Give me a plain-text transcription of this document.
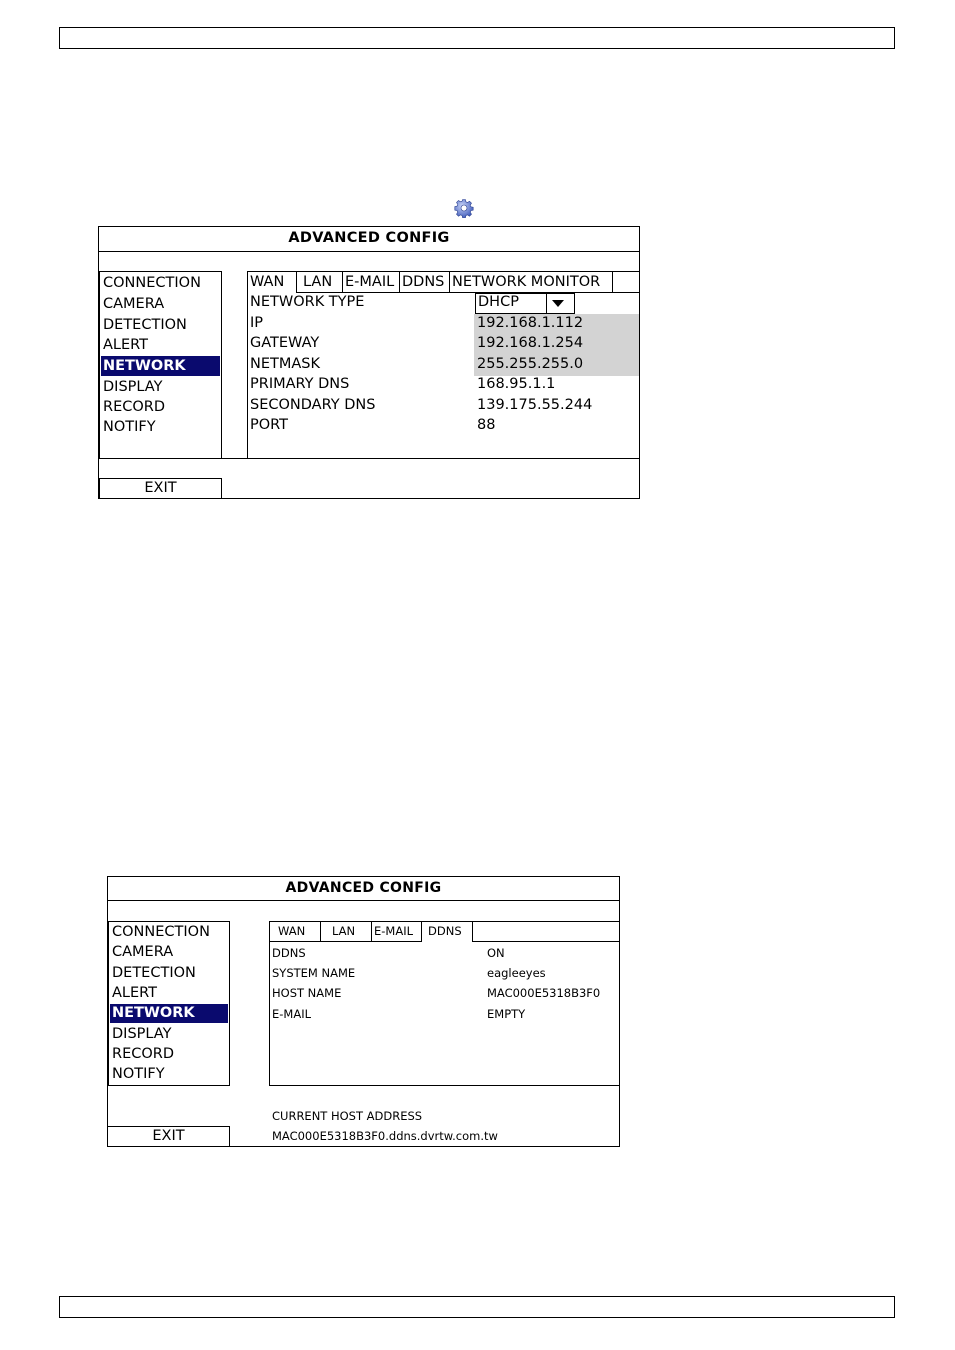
ADVANCED CONFIG
CONNECTION
CAMERA
DETECTION
ALERT
NETWORK
DISPLAY
RECORD
NOTIFY
EXIT
WAN	LAN E-MAIL DDNS NETWORK MONITOR
NETWORK TYPE	DHCP
IP	192.168.1.112
GATEWAY	192.168.1.254
NETMASK	255.255.255.0
PRIMARY DNS	168.95.1.1
SECONDARY DNS	139.175.55.244
PORT	88
ADVANCED CONFIG
CONNECTION
CAMERA
DETECTION
ALERT
NETWORK
DISPLAY
RECORD
NOTIFY
EXIT
WAN	LAN	E-MAIL	DDNS
DDNS	ON
SYSTEM NAME	eagleeyes
HOST NAME	MAC000E5318B3F0
E-MAIL	EMPTY
CURRENT HOST ADDRESS
MAC000E5318B3F0.ddns.dvrtw.com.tw
